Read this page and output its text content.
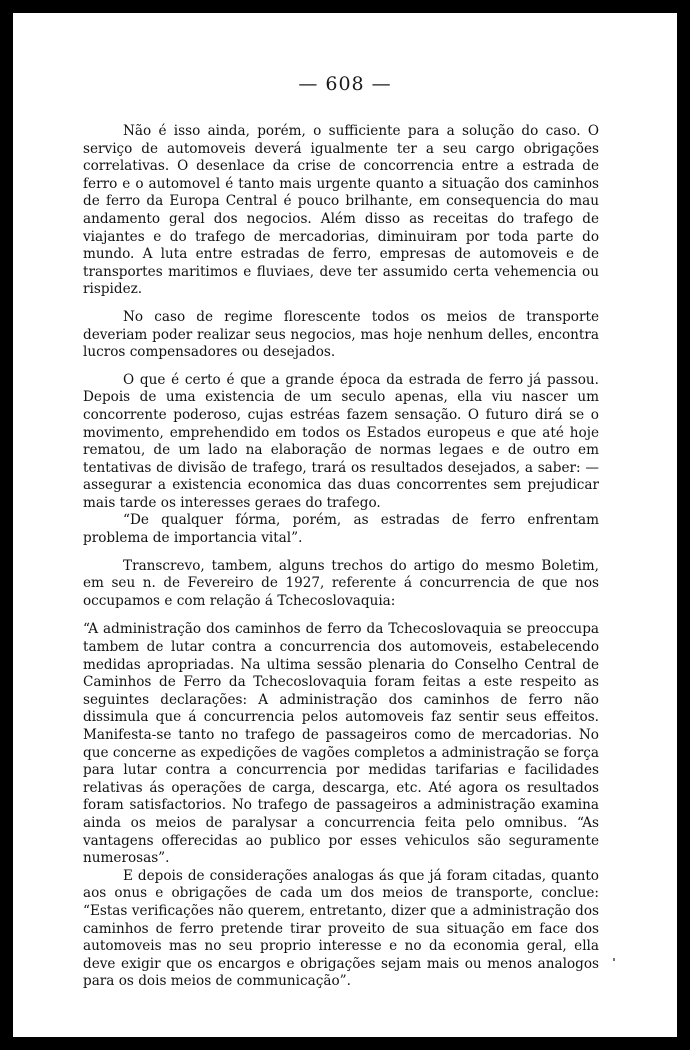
— 608 —

Não é isso ainda, porém, o sufficiente para a solução do caso. O serviço de automoveis deverá igualmente ter a seu cargo obrigações correlativas. O desenlace da crise de concorrencia entre a estrada de ferro e o automovel é tanto mais urgente quanto a situação dos caminhos de ferro da Europa Central é pouco brilhante, em consequencia do mau andamento geral dos negocios. Além disso as receitas do trafego de viajantes e do trafego de mercadorias, diminuiram por toda parte do mundo. A luta entre estradas de ferro, empresas de automoveis e de transportes maritimos e fluviaes, deve ter assumido certa vehemencia ou rispidez.

No caso de regime florescente todos os meios de transporte deveriam poder realizar seus negocios, mas hoje nenhum delles, encontra lucros compensadores ou desejados.

O que é certo é que a grande época da estrada de ferro já passou. Depois de uma existencia de um seculo apenas, ella viu nascer um concorrente poderoso, cujas estréas fazem sensação. O futuro dirá se o movimento, emprehendido em todos os Estados europeus e que até hoje rematou, de um lado na elaboração de normas legaes e de outro em tentativas de divisão de trafego, trará os resultados desejados, a saber: — assegurar a existencia economica das duas concorrentes sem prejudicar mais tarde os interesses geraes do trafego.

“De qualquer fórma, porém, as estradas de ferro enfrentam problema de importancia vital”.

Transcrevo, tambem, alguns trechos do artigo do mesmo Boletim, em seu n. de Fevereiro de 1927, referente á concurrencia de que nos occupamos e com relação á Tchecoslovaquia:

“A administração dos caminhos de ferro da Tchecoslovaquia se preoccupa tambem de lutar contra a concurrencia dos automoveis, estabelecendo medidas apropriadas. Na ultima sessão plenaria do Conselho Central de Caminhos de Ferro da Tchecoslovaquia foram feitas a este respeito as seguintes declarações: A administração dos caminhos de ferro não dissimula que á concurrencia pelos automoveis faz sentir seus effeitos. Manifesta-se tanto no trafego de passageiros como de mercadorias. No que concerne as expedições de vagões completos a administração se força para lutar contra a concurrencia por medidas tarifarias e facilidades relativas ás operações de carga, descarga, etc. Até agora os resultados foram satisfactorios. No trafego de passageiros a administração examina ainda os meios de paralysar a concurrencia feita pelo omnibus. “As vantagens offerecidas ao publico por esses vehiculos são seguramente numerosas”.

E depois de considerações analogas ás que já foram citadas, quanto aos onus e obrigações de cada um dos meios de transporte, conclue: “Estas verificações não querem, entretanto, dizer que a administração dos caminhos de ferro pretende tirar proveito de sua situação em face dos automoveis mas no seu proprio interesse e no da economia geral, ella deve exigir que os encargos e obrigações sejam mais ou menos analogos para os dois meios de communicação”.
